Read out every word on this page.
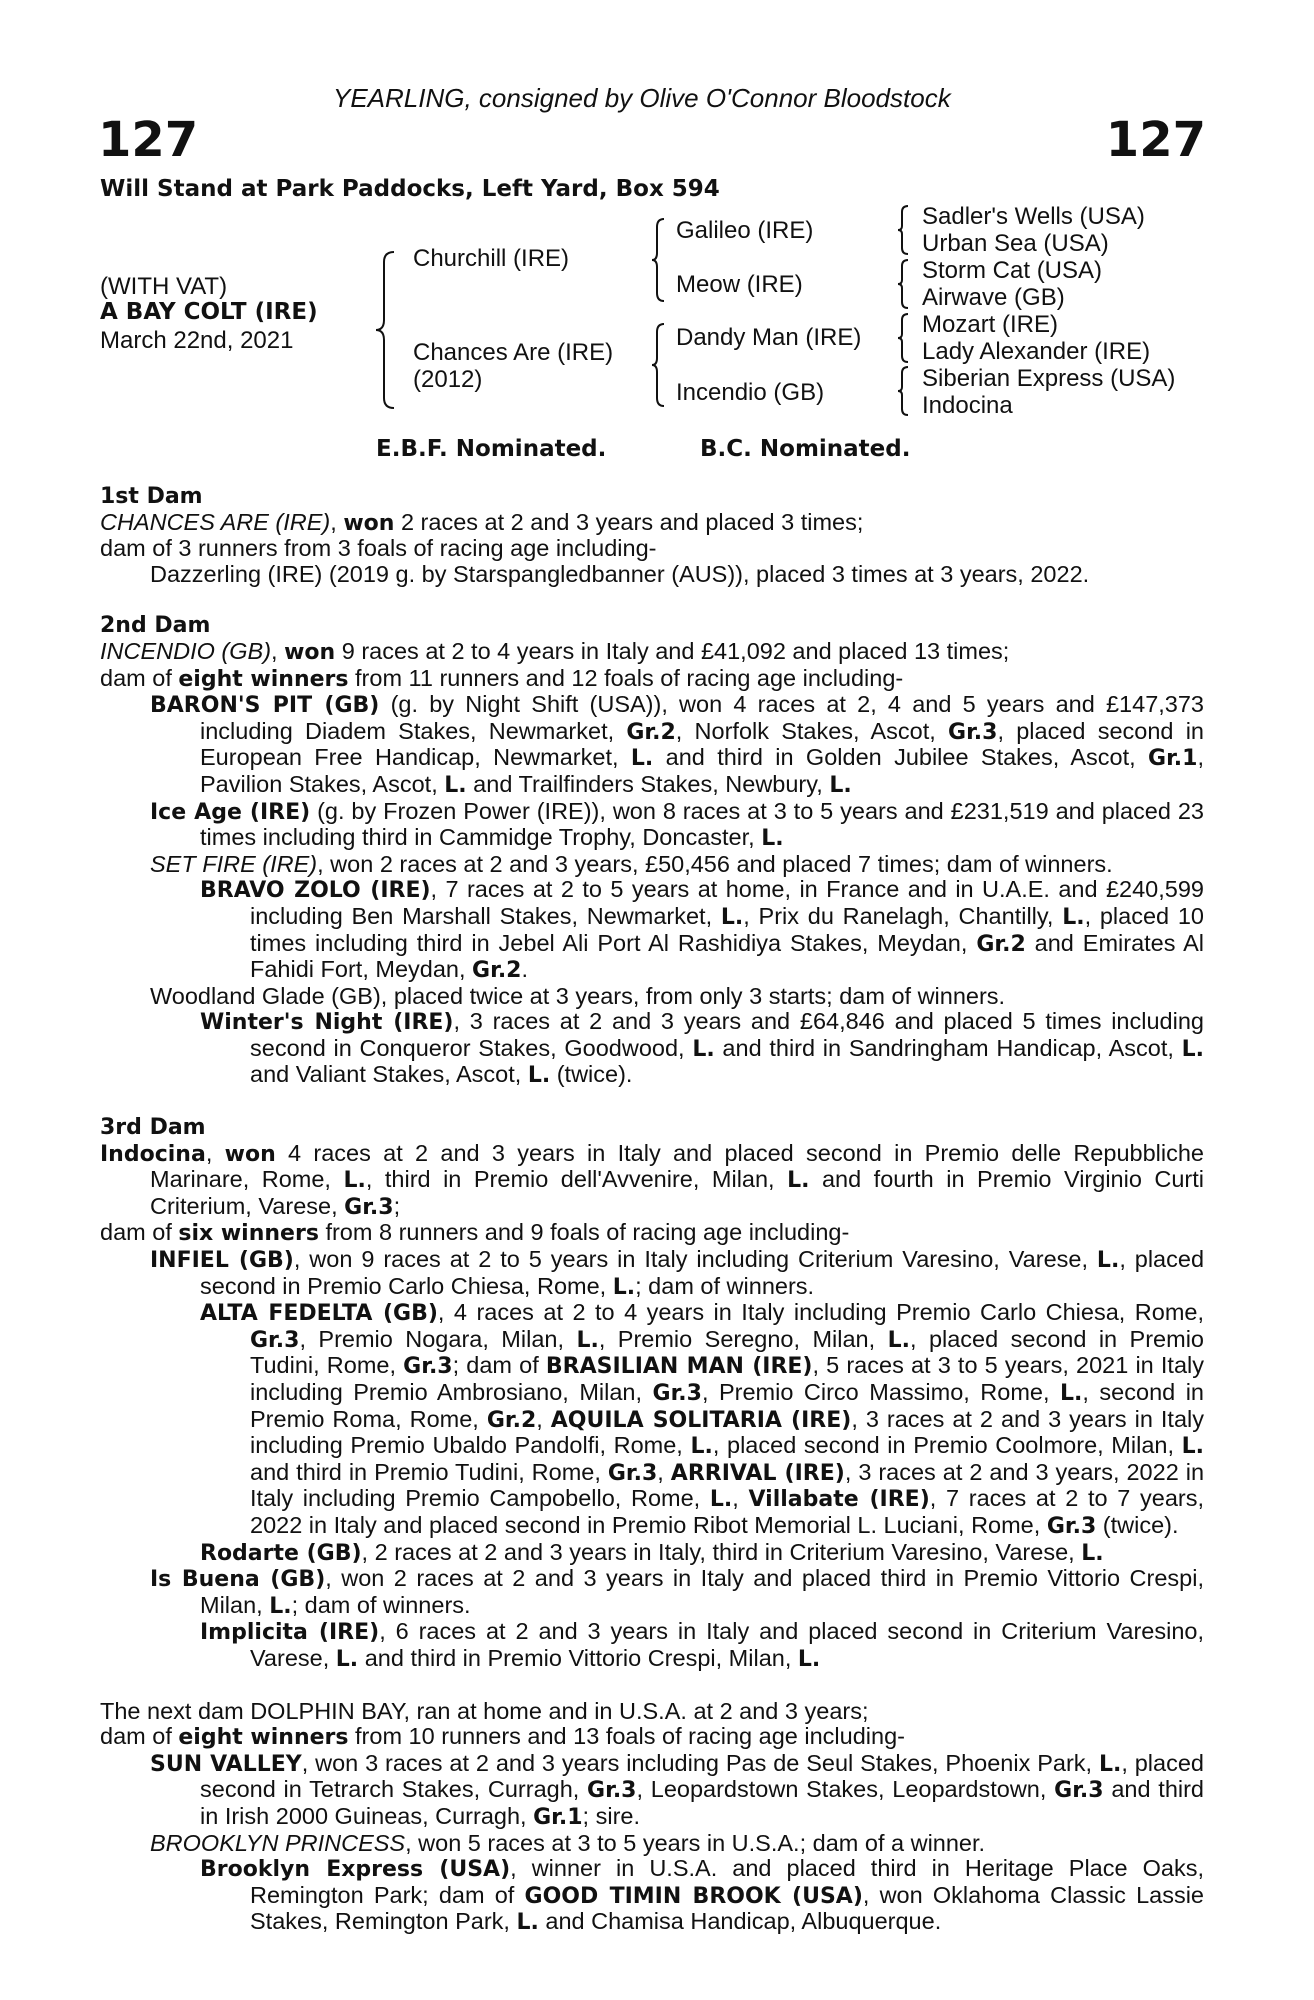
YEARLING, consigned by Olive O'Connor Bloodstock
127	127
Will Stand at Park Paddocks, Left Yard, Box 594
(WITH VAT)
A BAY COLT (IRE)
March 22nd, 2021
Churchill (IRE)
Chances Are (IRE)
(2012)
Galileo (IRE)
Meow (IRE)
Dandy Man (IRE)
Incendio (GB)
Sadler's Wells (USA)
Urban Sea (USA)
Storm Cat (USA)
Airwave (GB)
Mozart (IRE)
Lady Alexander (IRE)
Siberian Express (USA)
Indocina
E.B.F. Nominated.	B.C. Nominated.
1st Dam
CHANCES ARE (IRE), won 2 races at 2 and 3 years and placed 3 times;
dam of 3 runners from 3 foals of racing age including-
Dazzerling (IRE) (2019 g. by Starspangledbanner (AUS)), placed 3 times at 3 years, 2022.
2nd Dam
INCENDIO (GB), won 9 races at 2 to 4 years in Italy and £41,092 and placed 13 times;
dam of eight winners from 11 runners and 12 foals of racing age including-
BARON'S PIT (GB) (g. by Night Shift (USA)), won 4 races at 2, 4 and 5 years and £147,373 including Diadem Stakes, Newmarket, Gr.2, Norfolk Stakes, Ascot, Gr.3, placed second in European Free Handicap, Newmarket, L. and third in Golden Jubilee Stakes, Ascot, Gr.1, Pavilion Stakes, Ascot, L. and Trailfinders Stakes, Newbury, L.
Ice Age (IRE) (g. by Frozen Power (IRE)), won 8 races at 3 to 5 years and £231,519 and placed 23 times including third in Cammidge Trophy, Doncaster, L.
SET FIRE (IRE), won 2 races at 2 and 3 years, £50,456 and placed 7 times; dam of winners.
BRAVO ZOLO (IRE), 7 races at 2 to 5 years at home, in France and in U.A.E. and £240,599 including Ben Marshall Stakes, Newmarket, L., Prix du Ranelagh, Chantilly, L., placed 10 times including third in Jebel Ali Port Al Rashidiya Stakes, Meydan, Gr.2 and Emirates Al Fahidi Fort, Meydan, Gr.2.
Woodland Glade (GB), placed twice at 3 years, from only 3 starts; dam of winners.
Winter's Night (IRE), 3 races at 2 and 3 years and £64,846 and placed 5 times including second in Conqueror Stakes, Goodwood, L. and third in Sandringham Handicap, Ascot, L. and Valiant Stakes, Ascot, L. (twice).
3rd Dam
Indocina, won 4 races at 2 and 3 years in Italy and placed second in Premio delle Repubbliche Marinare, Rome, L., third in Premio dell'Avvenire, Milan, L. and fourth in Premio Virginio Curti Criterium, Varese, Gr.3;
dam of six winners from 8 runners and 9 foals of racing age including-
INFIEL (GB), won 9 races at 2 to 5 years in Italy including Criterium Varesino, Varese, L., placed second in Premio Carlo Chiesa, Rome, L.; dam of winners.
ALTA FEDELTA (GB), 4 races at 2 to 4 years in Italy including Premio Carlo Chiesa, Rome, Gr.3, Premio Nogara, Milan, L., Premio Seregno, Milan, L., placed second in Premio Tudini, Rome, Gr.3; dam of BRASILIAN MAN (IRE), 5 races at 3 to 5 years, 2021 in Italy including Premio Ambrosiano, Milan, Gr.3, Premio Circo Massimo, Rome, L., second in Premio Roma, Rome, Gr.2, AQUILA SOLITARIA (IRE), 3 races at 2 and 3 years in Italy including Premio Ubaldo Pandolfi, Rome, L., placed second in Premio Coolmore, Milan, L. and third in Premio Tudini, Rome, Gr.3, ARRIVAL (IRE), 3 races at 2 and 3 years, 2022 in Italy including Premio Campobello, Rome, L., Villabate (IRE), 7 races at 2 to 7 years, 2022 in Italy and placed second in Premio Ribot Memorial L. Luciani, Rome, Gr.3 (twice).
Rodarte (GB), 2 races at 2 and 3 years in Italy, third in Criterium Varesino, Varese, L.
Is Buena (GB), won 2 races at 2 and 3 years in Italy and placed third in Premio Vittorio Crespi, Milan, L.; dam of winners.
Implicita (IRE), 6 races at 2 and 3 years in Italy and placed second in Criterium Varesino, Varese, L. and third in Premio Vittorio Crespi, Milan, L.
The next dam DOLPHIN BAY, ran at home and in U.S.A. at 2 and 3 years;
dam of eight winners from 10 runners and 13 foals of racing age including-
SUN VALLEY, won 3 races at 2 and 3 years including Pas de Seul Stakes, Phoenix Park, L., placed second in Tetrarch Stakes, Curragh, Gr.3, Leopardstown Stakes, Leopardstown, Gr.3 and third in Irish 2000 Guineas, Curragh, Gr.1; sire.
BROOKLYN PRINCESS, won 5 races at 3 to 5 years in U.S.A.; dam of a winner.
Brooklyn Express (USA), winner in U.S.A. and placed third in Heritage Place Oaks, Remington Park; dam of GOOD TIMIN BROOK (USA), won Oklahoma Classic Lassie Stakes, Remington Park, L. and Chamisa Handicap, Albuquerque.
